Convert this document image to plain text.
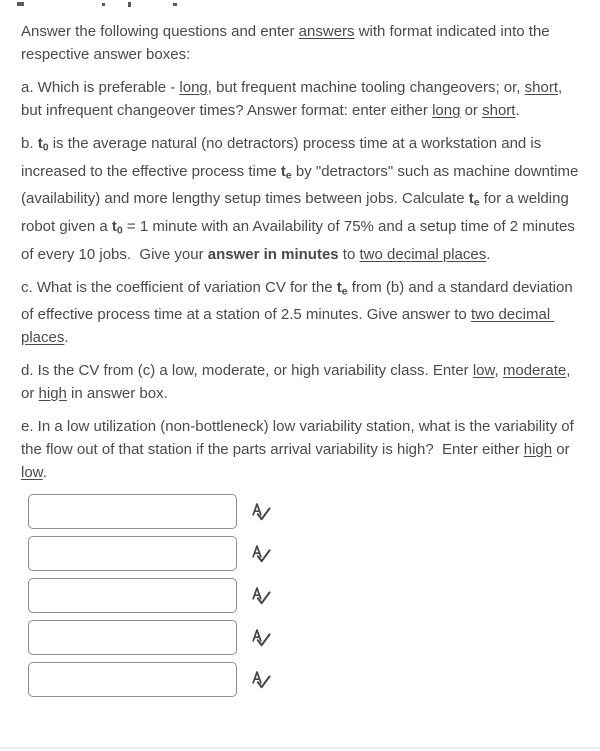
Answer the following questions and enter answers with format indicated into the respective answer boxes:

a. Which is preferable - long, but frequent machine tooling changeovers; or, short, but infrequent changeover times? Answer format: enter either long or short.

b. $t_0$ is the average natural (no detractors) process time at a workstation and is increased to the effective process time $t_e$ by "detractors" such as machine downtime (availability) and more lengthy setup times between jobs. Calculate $t_e$ for a welding robot given a $t_0 = 1$ minute with an Availability of 75% and a setup time of 2 minutes of every 10 jobs.  Give your answer in minutes to two decimal places.

c. What is the coefficient of variation CV for the $t_e$ from (b) and a standard deviation of effective process time at a station of 2.5 minutes. Give answer to two decimal places.

d. Is the CV from (c) a low, moderate, or high variability class. Enter low, moderate, or high in answer box.

e. In a low utilization (non-bottleneck) low variability station, what is the variability of the flow out of that station if the parts arrival variability is high?  Enter either high or low.
